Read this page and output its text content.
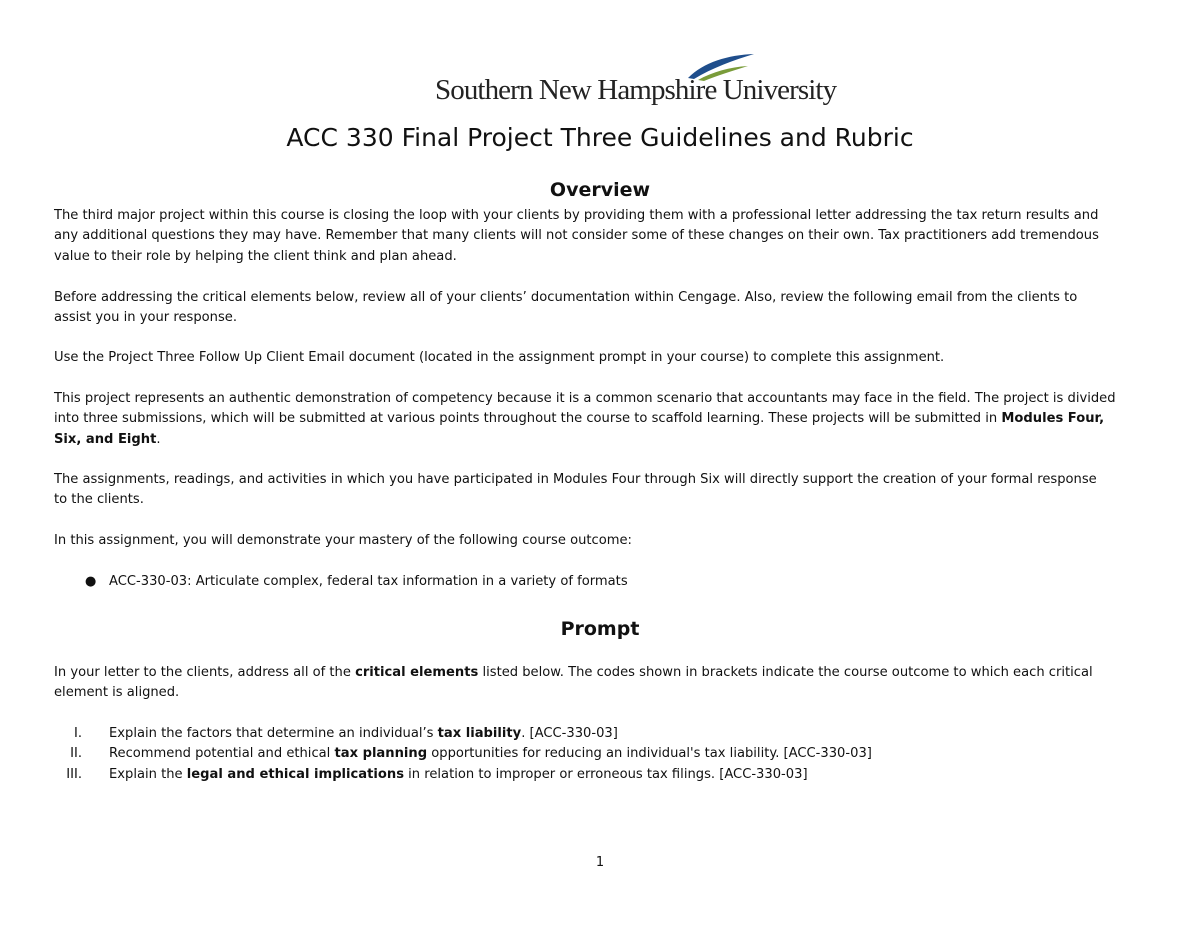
Southern New Hampshire University
ACC 330 Final Project Three Guidelines and Rubric
Overview

The third major project within this course is closing the loop with your clients by providing them with a professional letter addressing the tax return results and
any additional questions they may have. Remember that many clients will not consider some of these changes on their own. Tax practitioners add tremendous
value to their role by helping the client think and plan ahead.

Before addressing the critical elements below, review all of your clients’ documentation within Cengage. Also, review the following email from the clients to
assist you in your response.

Use the Project Three Follow Up Client Email document (located in the assignment prompt in your course) to complete this assignment.

This project represents an authentic demonstration of competency because it is a common scenario that accountants may face in the field. The project is divided
into three submissions, which will be submitted at various points throughout the course to scaffold learning. These projects will be submitted in Modules Four,
Six, and Eight.

The assignments, readings, and activities in which you have participated in Modules Four through Six will directly support the creation of your formal response
to the clients.

In this assignment, you will demonstrate your mastery of the following course outcome:

● ACC-330-03: Articulate complex, federal tax information in a variety of formats
Prompt

In your letter to the clients, address all of the critical elements listed below. The codes shown in brackets indicate the course outcome to which each critical
element is aligned.

I. Explain the factors that determine an individual’s tax liability. [ACC-330-03]
II. Recommend potential and ethical tax planning opportunities for reducing an individual's tax liability. [ACC-330-03]
III. Explain the legal and ethical implications in relation to improper or erroneous tax filings. [ACC-330-03]
1
